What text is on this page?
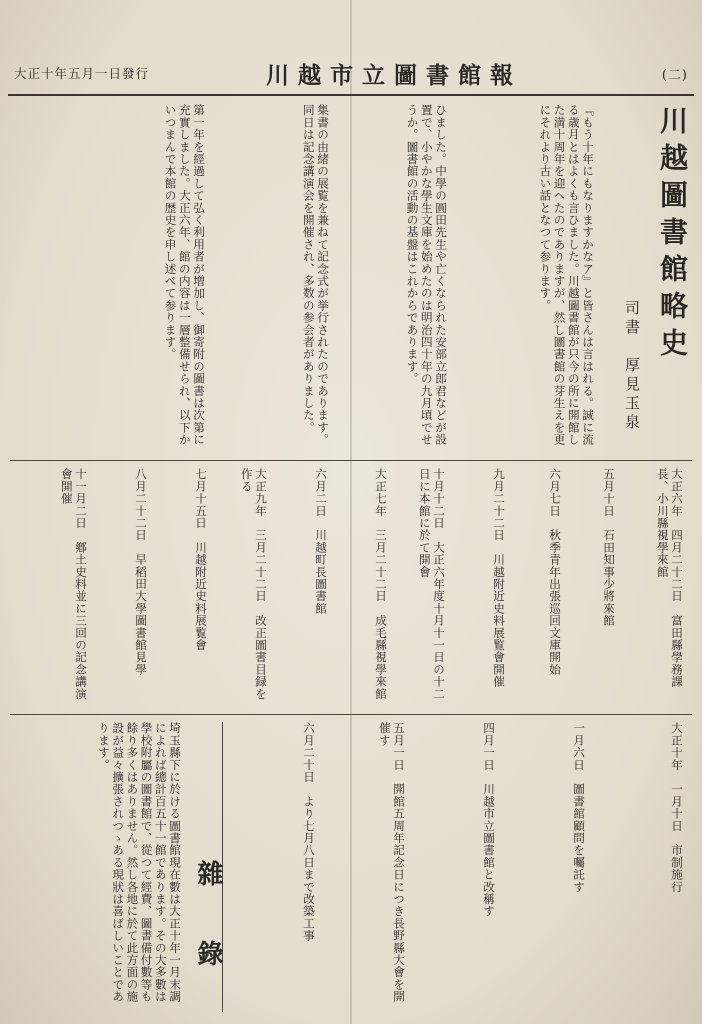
大正十年五月一日發行	川越市立圖書館報	(二)
川越圖書館略史
司書　厚見玉泉
『もう十年にもなりますかなア』と皆さんは言はれる。誠に流る歳月とはよくも言ひました。川越圖書館が只今の所に開館した満十周年を迎へたのでありますが、然し圖書館の芽生えを更にそれより古い話となつて参ります。
ひました。中學の圓田先生や亡くなられた安部立郎君などが設置で、小やかな學生文庫を始めたのは明治四十年の九月頃でせうか。圖書館の活動の基盤はこれからであります。
集書の由緒の展覧を兼ねて記念式が挙行されたのであります。同日は記念講演会を開催され、多数の参会者がありました。
第一年を經過して弘く利用者が増加し、御寄附の圖書は次第に充實しました。大正六年、館の内容は一層整備せられ、以下かいつまんで本館の歴史を申し述べて参ります。
大正六年　四月二十二日　富田縣學務課長、小川縣視學來館
五月十日　石田知事少將來館
六月七日　秋季青年出張巡回文庫開始
九月二十二日　川越附近史料展覧會開催
十月十二日　大正六年度十月十一日の十二日に本館に於て開會
大正七年　三月二十二日　成毛縣視學來館
六月二日　川越町長圖書館
大正九年　三月二十二日　改正圖書目録を作る
七月十五日　川越附近史料展覧會
八月二十二日　早稻田大學圖書館見學
十一月二日　鄕土史料並に三回の記念講演會開催
大正十年　一月十日　市制施行
一月六日　圖書館顧問を囑託す
四月一日　川越市立圖書館と改稱す
五月一日　開館五周年記念日につき長野縣大會を開催す
六月二十日　より七月八日まで改築工事
雜　錄
埼玉縣下に於ける圖書館現在數は大正十年一月末調によれば總計百五十一館であります。その大多數は學校附屬の圖書館で、從つて經費、圖書備付數等も餘り多くはありません。然し各地に於て此方面の施設が益々擴張されつゝある現狀は喜ばしいことであります。
